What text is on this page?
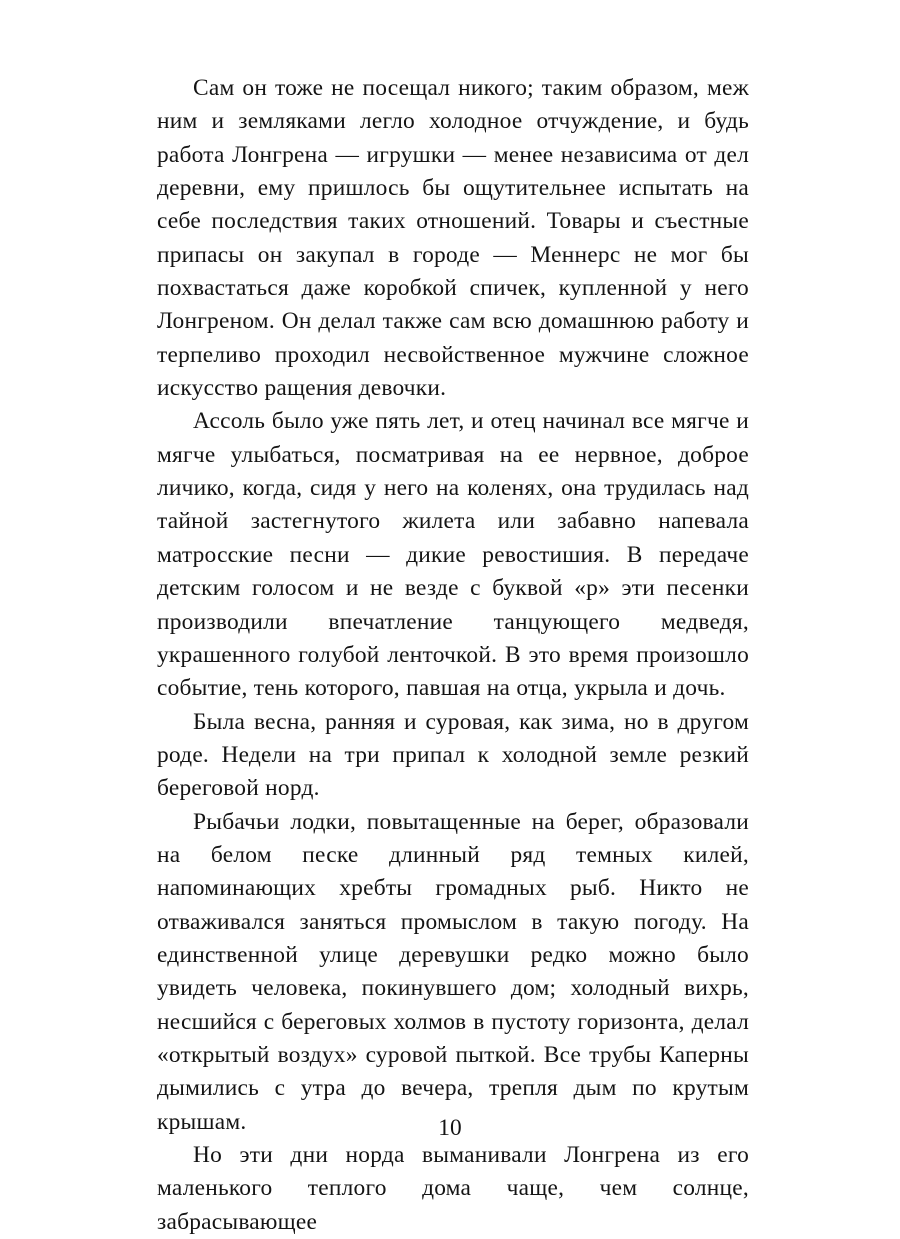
Сам он тоже не посещал никого; таким образом, меж ним и земляками легло холодное отчуждение, и будь работа Лонгрена — игрушки — менее независима от дел деревни, ему пришлось бы ощутительнее испытать на себе последствия таких отношений. Товары и съестные припасы он закупал в городе — Меннерс не мог бы похвастаться даже коробкой спичек, купленной у него Лонгреном. Он делал также сам всю домашнюю работу и терпеливо проходил несвойственное мужчине сложное искусство ращения девочки.

Ассоль было уже пять лет, и отец начинал все мягче и мягче улыбаться, посматривая на ее нервное, доброе личико, когда, сидя у него на коленях, она трудилась над тайной застегнутого жилета или забавно напевала матросские песни — дикие ревостишия. В передаче детским голосом и не везде с буквой «р» эти песенки производили впечатление танцующего медведя, украшенного голубой ленточкой. В это время произошло событие, тень которого, павшая на отца, укрыла и дочь.

Была весна, ранняя и суровая, как зима, но в другом роде. Недели на три припал к холодной земле резкий береговой норд.

Рыбачьи лодки, повытащенные на берег, образовали на белом песке длинный ряд темных килей, напоминающих хребты громадных рыб. Никто не отваживался заняться промыслом в такую погоду. На единственной улице деревушки редко можно было увидеть человека, покинувшего дом; холодный вихрь, несшийся с береговых холмов в пустоту горизонта, делал «открытый воздух» суровой пыткой. Все трубы Каперны дымились с утра до вечера, трепля дым по крутым крышам.

Но эти дни норда выманивали Лонгрена из его маленького теплого дома чаще, чем солнце, забрасывающее

10
